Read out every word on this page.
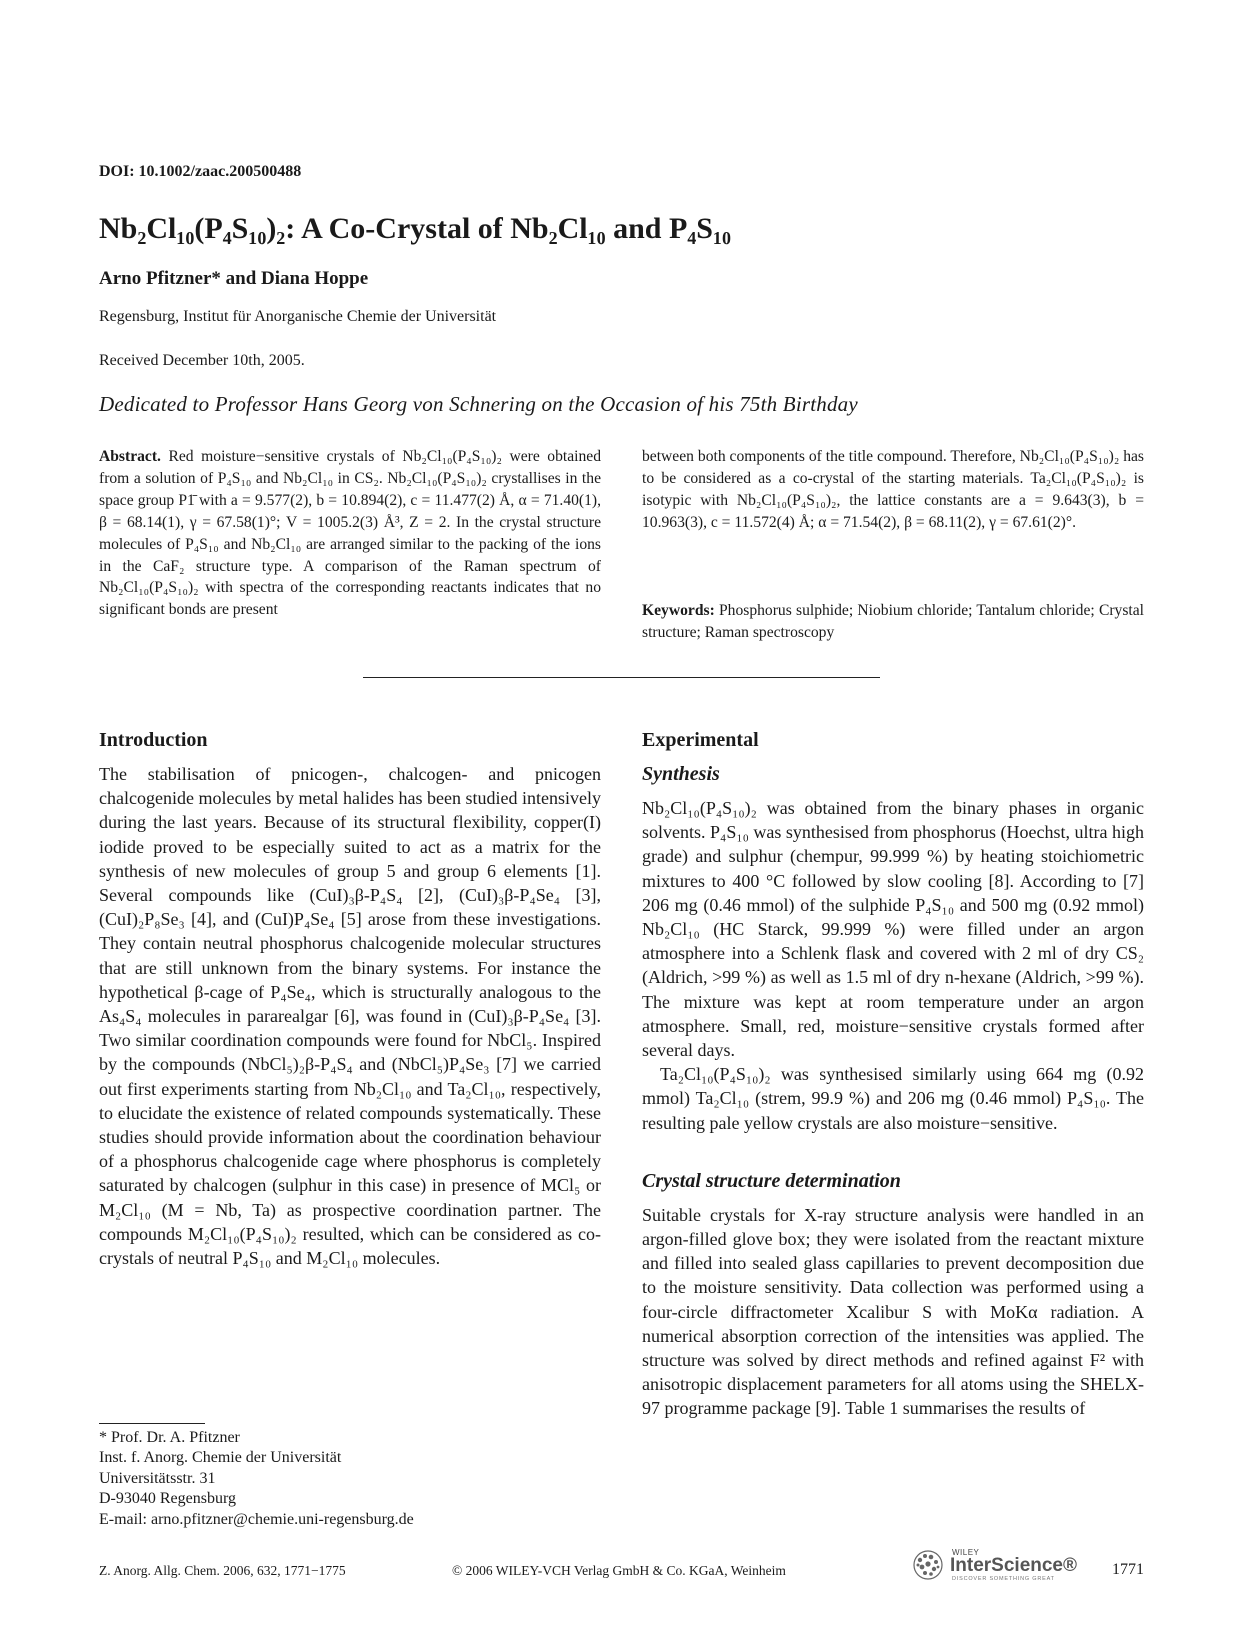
DOI: 10.1002/zaac.200500488
Nb₂Cl₁₀(P₄S₁₀)₂: A Co-Crystal of Nb₂Cl₁₀ and P₄S₁₀
Arno Pfitzner* and Diana Hoppe
Regensburg, Institut für Anorganische Chemie der Universität
Received December 10th, 2005.
Dedicated to Professor Hans Georg von Schnering on the Occasion of his 75th Birthday
Abstract. Red moisture−sensitive crystals of Nb₂Cl₁₀(P₄S₁₀)₂ were obtained from a solution of P₄S₁₀ and Nb₂Cl₁₀ in CS₂. Nb₂Cl₁₀(P₄S₁₀)₂ crystallises in the space group P1̄ with a = 9.577(2), b = 10.894(2), c = 11.477(2) Å, α = 71.40(1), β = 68.14(1), γ = 67.58(1)°; V = 1005.2(3) Å³, Z = 2. In the crystal structure molecules of P₄S₁₀ and Nb₂Cl₁₀ are arranged similar to the packing of the ions in the CaF₂ structure type. A comparison of the Raman spectrum of Nb₂Cl₁₀(P₄S₁₀)₂ with spectra of the corresponding reactants indicates that no significant bonds are present
between both components of the title compound. Therefore, Nb₂Cl₁₀(P₄S₁₀)₂ has to be considered as a co-crystal of the starting materials. Ta₂Cl₁₀(P₄S₁₀)₂ is isotypic with Nb₂Cl₁₀(P₄S₁₀)₂, the lattice constants are a = 9.643(3), b = 10.963(3), c = 11.572(4) Å; α = 71.54(2), β = 68.11(2), γ = 67.61(2)°.
Keywords: Phosphorus sulphide; Niobium chloride; Tantalum chloride; Crystal structure; Raman spectroscopy
Introduction

The stabilisation of pnicogen-, chalcogen- and pnicogen chalcogenide molecules by metal halides has been studied intensively during the last years. Because of its structural flexibility, copper(I) iodide proved to be especially suited to act as a matrix for the synthesis of new molecules of group 5 and group 6 elements [1]. Several compounds like (CuI)₃β-P₄S₄ [2], (CuI)₃β-P₄Se₄ [3], (CuI)₂P₈Se₃ [4], and (CuI)P₄Se₄ [5] arose from these investigations. They contain neutral phosphorus chalcogenide molecular structures that are still unknown from the binary systems. For instance the hypothetical β-cage of P₄Se₄, which is structurally analogous to the As₄S₄ molecules in pararealgar [6], was found in (CuI)₃β-P₄Se₄ [3]. Two similar coordination compounds were found for NbCl₅. Inspired by the compounds (NbCl₅)₂β-P₄S₄ and (NbCl₅)P₄Se₃ [7] we carried out first experiments starting from Nb₂Cl₁₀ and Ta₂Cl₁₀, respectively, to elucidate the existence of related compounds systematically. These studies should provide information about the coordination behaviour of a phosphorus chalcogenide cage where phosphorus is completely saturated by chalcogen (sulphur in this case) in presence of MCl₅ or M₂Cl₁₀ (M = Nb, Ta) as prospective coordination partner. The compounds M₂Cl₁₀(P₄S₁₀)₂ resulted, which can be considered as co-crystals of neutral P₄S₁₀ and M₂Cl₁₀ molecules.

* Prof. Dr. A. Pfitzner
Inst. f. Anorg. Chemie der Universität
Universitätsstr. 31
D-93040 Regensburg
E-mail: arno.pfitzner@chemie.uni-regensburg.de
Experimental
Synthesis

Nb₂Cl₁₀(P₄S₁₀)₂ was obtained from the binary phases in organic solvents. P₄S₁₀ was synthesised from phosphorus (Hoechst, ultra high grade) and sulphur (chempur, 99.999 %) by heating stoichiometric mixtures to 400 °C followed by slow cooling [8]. According to [7] 206 mg (0.46 mmol) of the sulphide P₄S₁₀ and 500 mg (0.92 mmol) Nb₂Cl₁₀ (HC Starck, 99.999 %) were filled under an argon atmosphere into a Schlenk flask and covered with 2 ml of dry CS₂ (Aldrich, >99 %) as well as 1.5 ml of dry n-hexane (Aldrich, >99 %). The mixture was kept at room temperature under an argon atmosphere. Small, red, moisture−sensitive crystals formed after several days.

Ta₂Cl₁₀(P₄S₁₀)₂ was synthesised similarly using 664 mg (0.92 mmol) Ta₂Cl₁₀ (strem, 99.9 %) and 206 mg (0.46 mmol) P₄S₁₀. The resulting pale yellow crystals are also moisture−sensitive.

Crystal structure determination

Suitable crystals for X-ray structure analysis were handled in an argon-filled glove box; they were isolated from the reactant mixture and filled into sealed glass capillaries to prevent decomposition due to the moisture sensitivity. Data collection was performed using a four-circle diffractometer Xcalibur S with MoKα radiation. A numerical absorption correction of the intensities was applied. The structure was solved by direct methods and refined against F² with anisotropic displacement parameters for all atoms using the SHELX-97 programme package [9]. Table 1 summarises the results of

Z. Anorg. Allg. Chem. 2006, 632, 1771−1775	© 2006 WILEY-VCH Verlag GmbH & Co. KGaA, Weinheim
WILEY
InterScience®
DISCOVER SOMETHING GREAT
1771
